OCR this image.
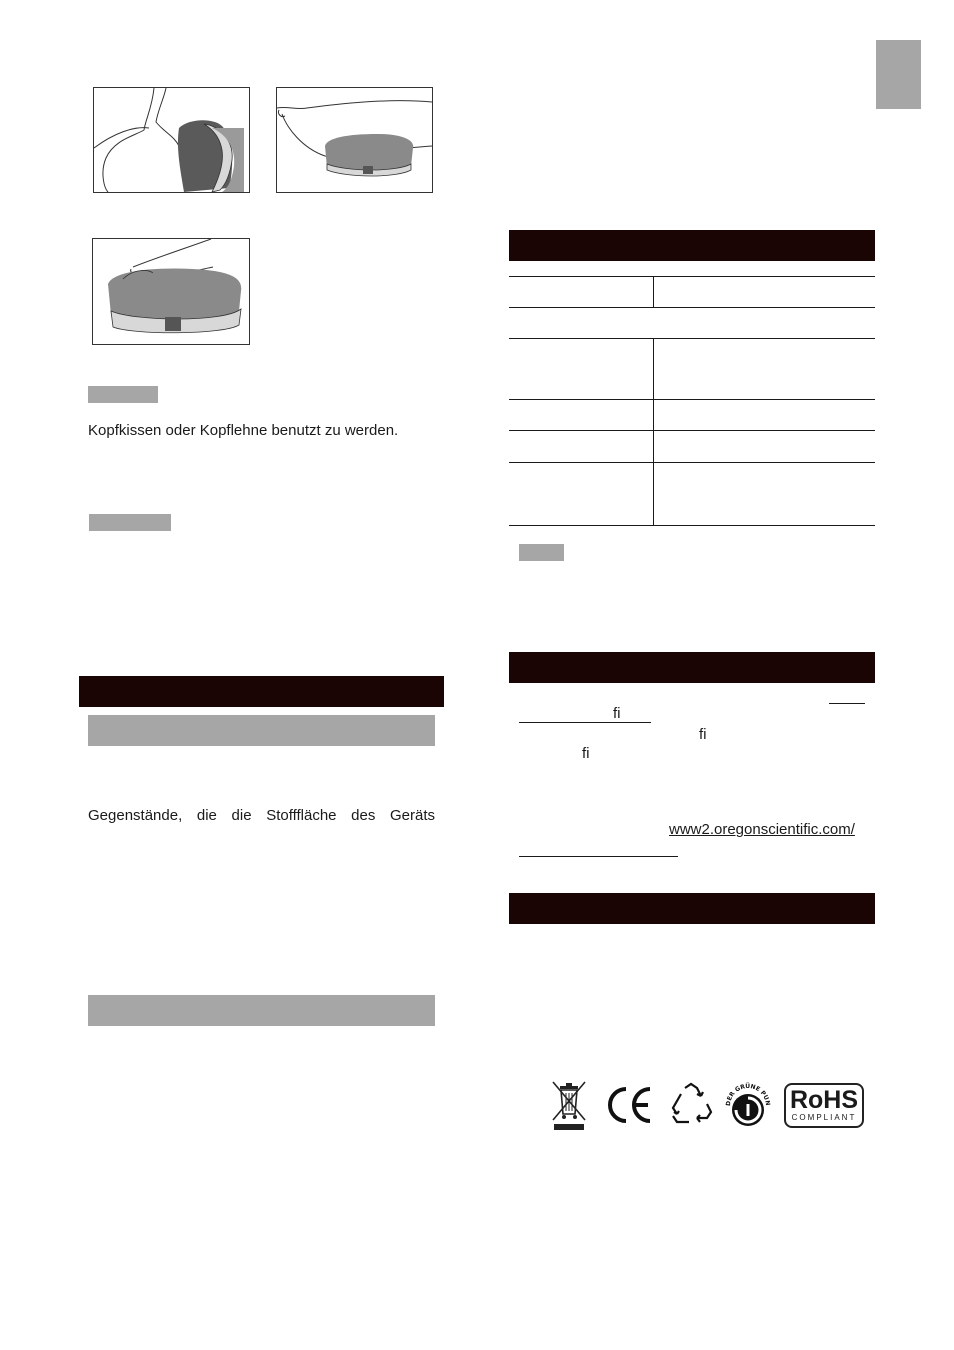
Kopfkissen oder Kopflehne benutzt zu werden.
Gegenstände, die die Stofffläche des Geräts
ﬁ
ﬁ
ﬁ
www2.oregonscientific.com/
DER GRÜNE PUN RoHS
COMPLIANT
